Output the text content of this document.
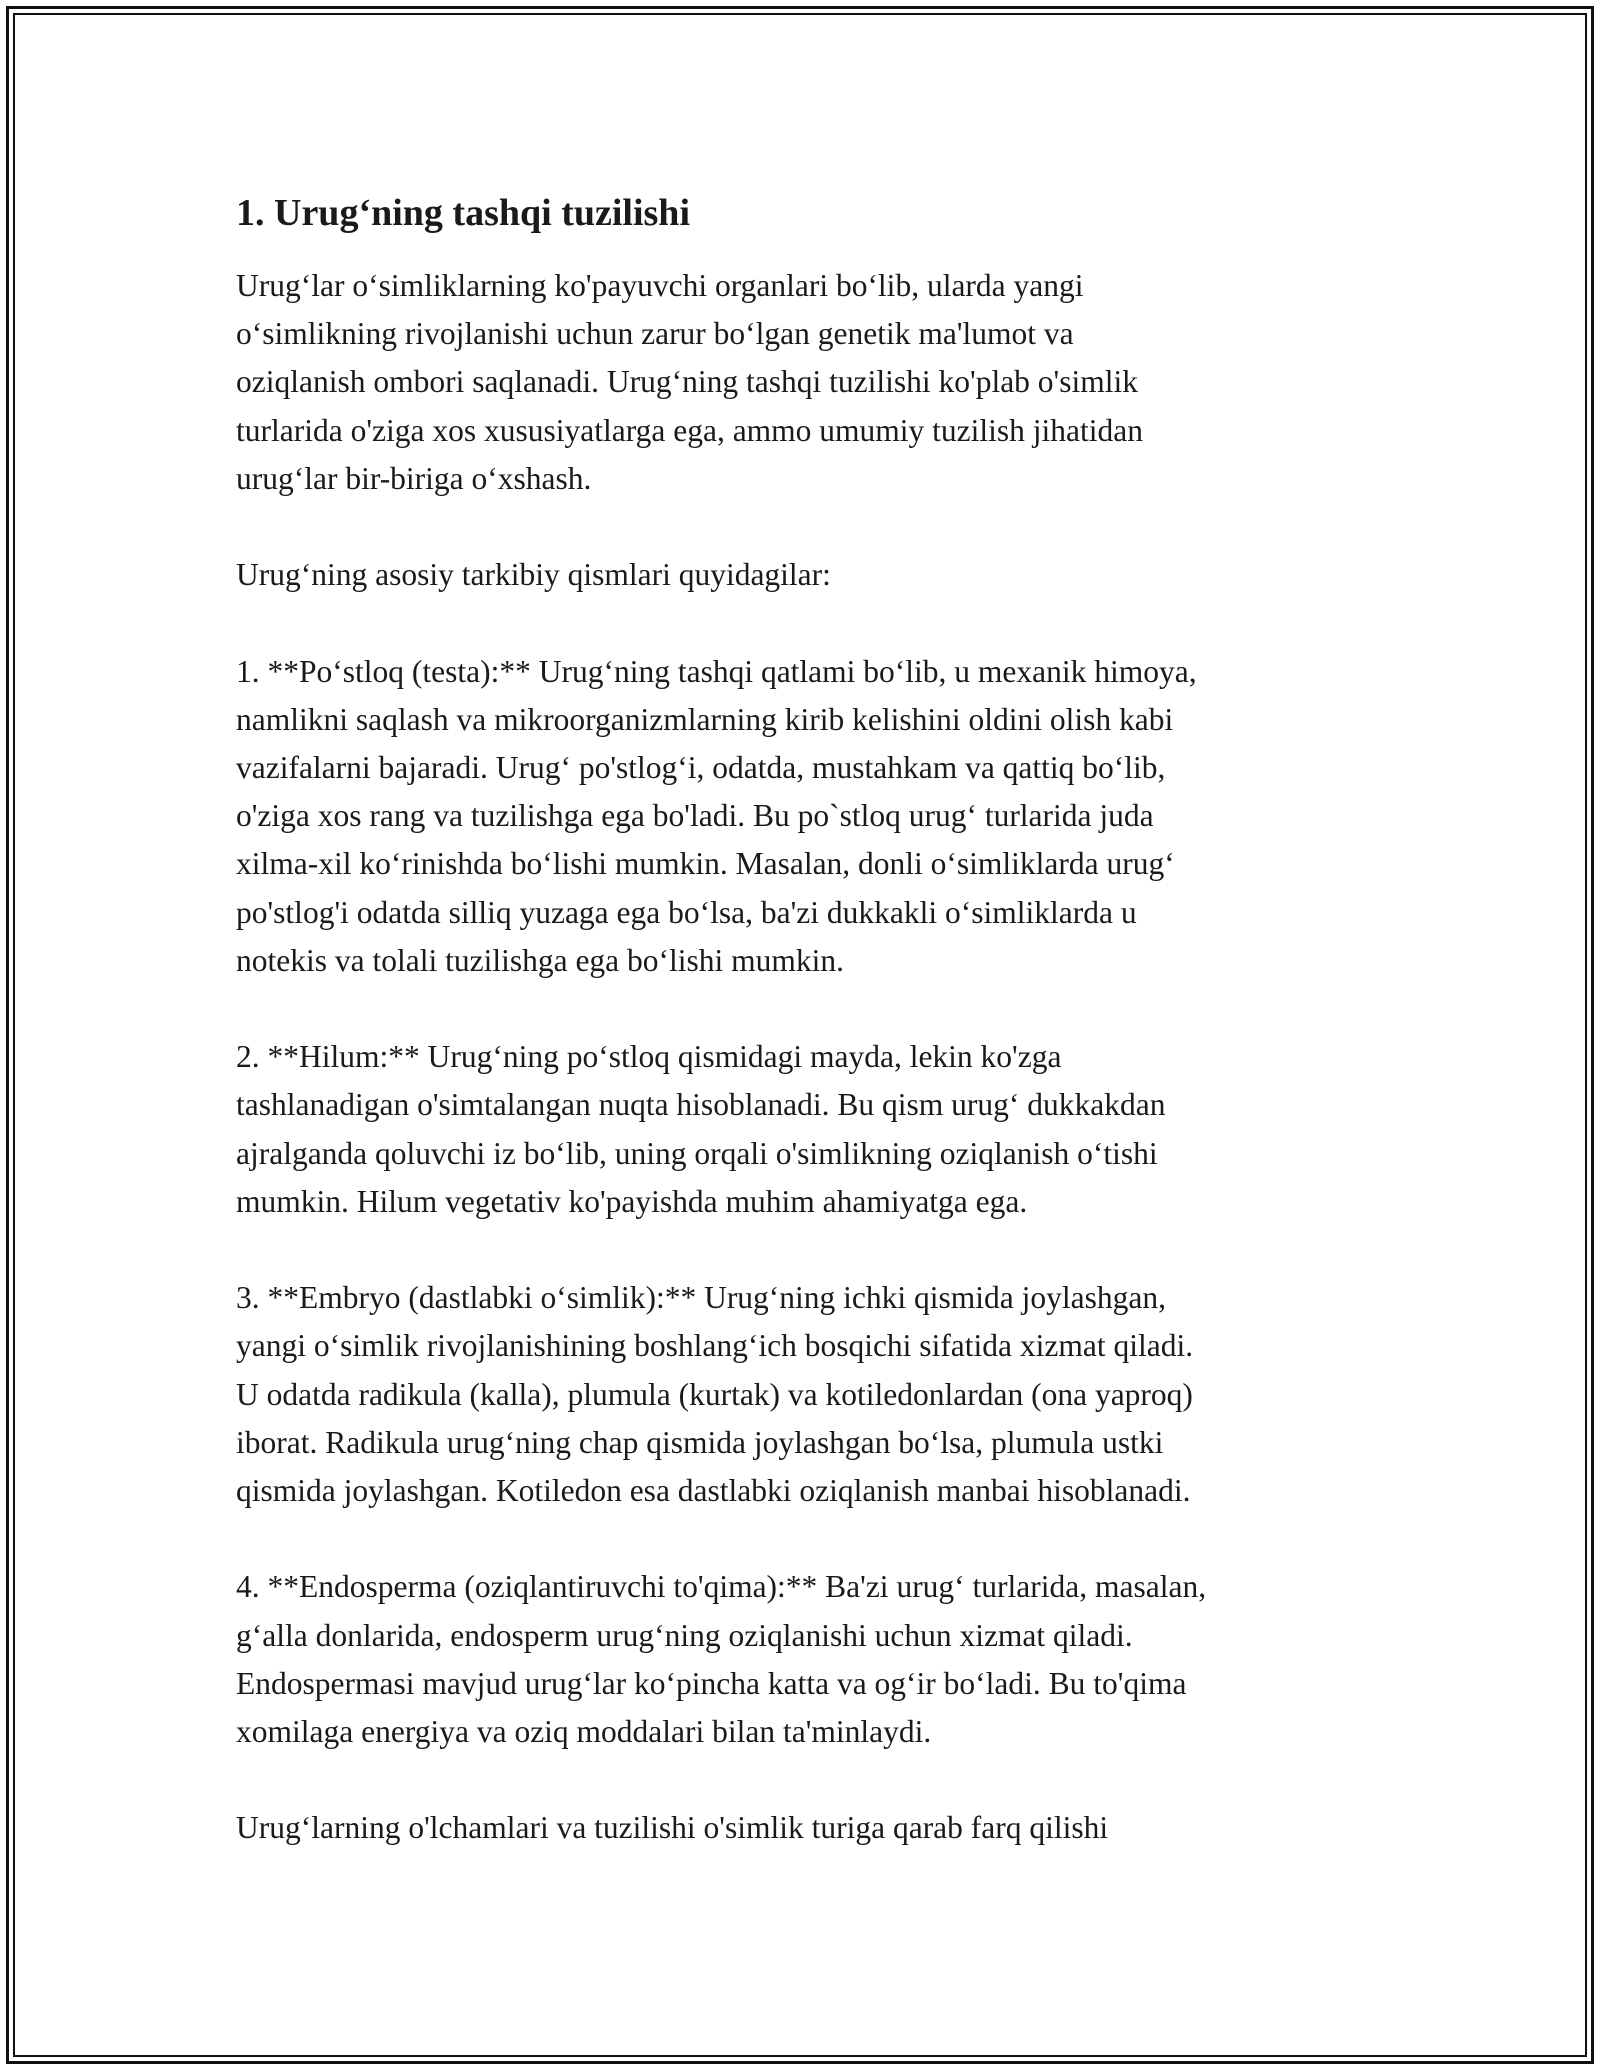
1. Urug‘ning tashqi tuzilishi

Urug‘lar o‘simliklarning ko'payuvchi organlari bo‘lib, ularda yangi
o‘simlikning rivojlanishi uchun zarur bo‘lgan genetik ma'lumot va
oziqlanish ombori saqlanadi. Urug‘ning tashqi tuzilishi ko'plab o'simlik
turlarida o'ziga xos xususiyatlarga ega, ammo umumiy tuzilish jihatidan
urug‘lar bir-biriga o‘xshash.

Urug‘ning asosiy tarkibiy qismlari quyidagilar:

1. **Po‘stloq (testa):** Urug‘ning tashqi qatlami bo‘lib, u mexanik himoya,
namlikni saqlash va mikroorganizmlarning kirib kelishini oldini olish kabi
vazifalarni bajaradi. Urug‘ po'stlog‘i, odatda, mustahkam va qattiq bo‘lib,
o'ziga xos rang va tuzilishga ega bo'ladi. Bu po`stloq urug‘ turlarida juda
xilma-xil ko‘rinishda bo‘lishi mumkin. Masalan, donli o‘simliklarda urug‘
po'stlog'i odatda silliq yuzaga ega bo‘lsa, ba'zi dukkakli o‘simliklarda u
notekis va tolali tuzilishga ega bo‘lishi mumkin.

2. **Hilum:** Urug‘ning po‘stloq qismidagi mayda, lekin ko'zga
tashlanadigan o'simtalangan nuqta hisoblanadi. Bu qism urug‘ dukkakdan
ajralganda qoluvchi iz bo‘lib, uning orqali o'simlikning oziqlanish o‘tishi
mumkin. Hilum vegetativ ko'payishda muhim ahamiyatga ega.

3. **Embryo (dastlabki o‘simlik):** Urug‘ning ichki qismida joylashgan,
yangi o‘simlik rivojlanishining boshlang‘ich bosqichi sifatida xizmat qiladi.
U odatda radikula (kalla), plumula (kurtak) va kotiledonlardan (ona yaproq)
iborat. Radikula urug‘ning chap qismida joylashgan bo‘lsa, plumula ustki
qismida joylashgan. Kotiledon esa dastlabki oziqlanish manbai hisoblanadi.

4. **Endosperma (oziqlantiruvchi to'qima):** Ba'zi urug‘ turlarida, masalan,
g‘alla donlarida, endosperm urug‘ning oziqlanishi uchun xizmat qiladi.
Endospermasi mavjud urug‘lar ko‘pincha katta va og‘ir bo‘ladi. Bu to'qima
xomilaga energiya va oziq moddalari bilan ta'minlaydi.

Urug‘larning o'lchamlari va tuzilishi o'simlik turiga qarab farq qilishi
